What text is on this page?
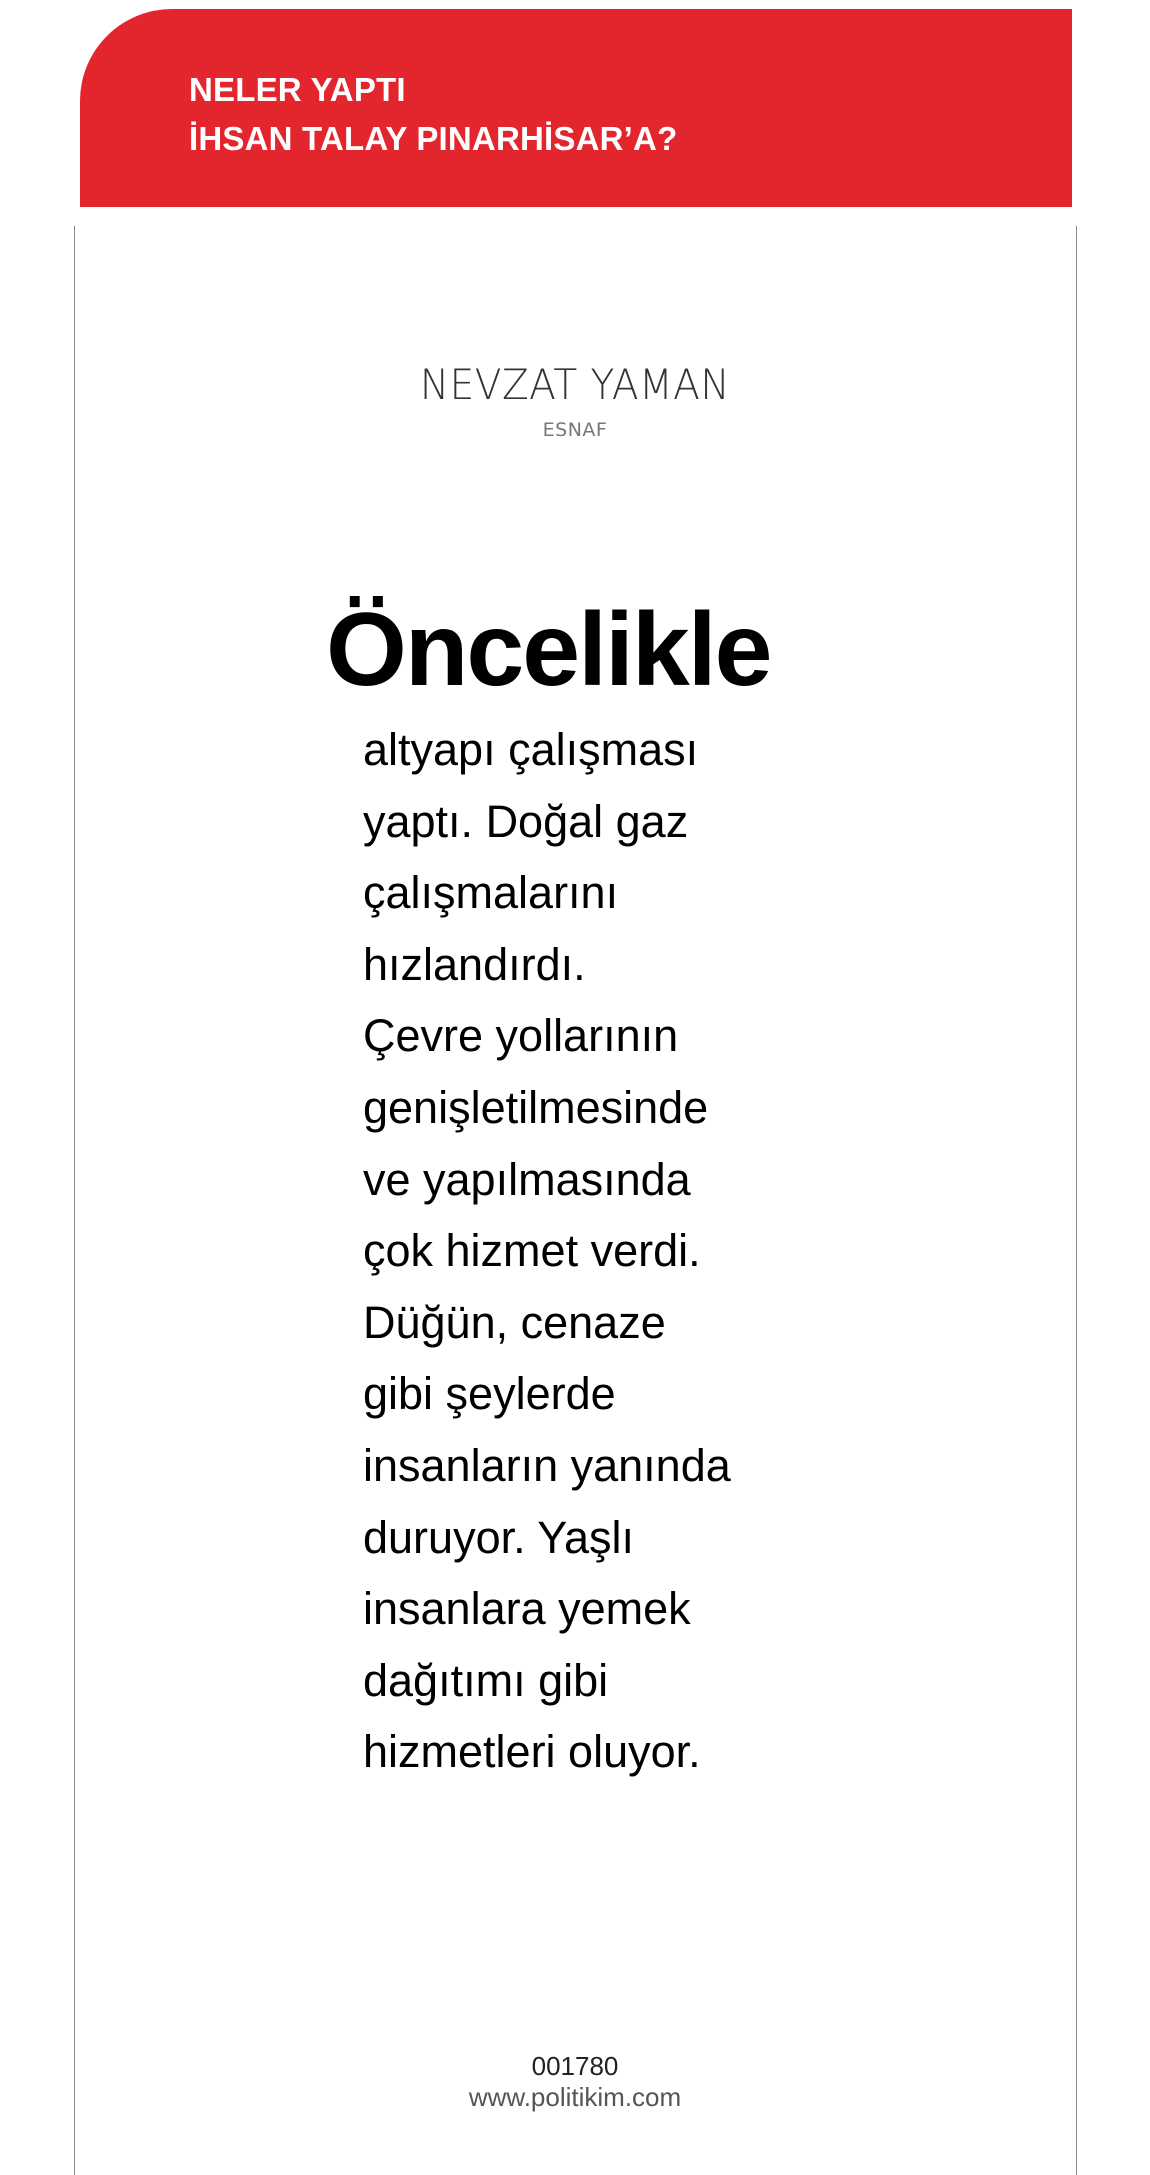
NELER YAPTI
İHSAN TALAY PINARHİSAR’A?
NEVZAT YAMAN
ESNAF
Öncelikle
altyapı çalışması
yaptı. Doğal gaz
çalışmalarını
hızlandırdı.
Çevre yollarının
genişletilmesinde
ve yapılmasında
çok hizmet verdi.
Düğün, cenaze
gibi şeylerde
insanların yanında
duruyor. Yaşlı
insanlara yemek
dağıtımı gibi
hizmetleri oluyor.
001780
www.politikim.com
